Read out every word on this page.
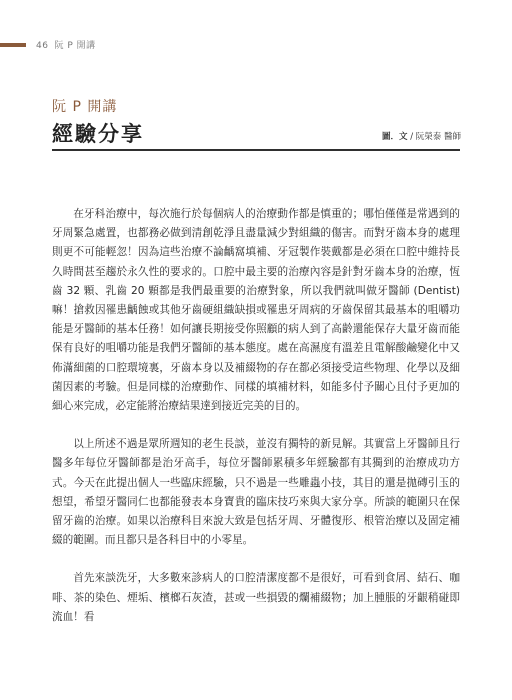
46 阮 P 開講
阮 P 開講
經驗分享	圖．文 / 阮榮泰 醫師

在牙科治療中，每次施行於每個病人的治療動作都是慎重的；哪怕僅僅是常遇到的牙周緊急處置，也都務必做到清創乾淨且盡量減少對組織的傷害。而對牙齒本身的處理則更不可能輕忽！因為這些治療不論齲窩填補、牙冠製作裝戴都是必須在口腔中維持長久時間甚至趨於永久性的要求的。口腔中最主要的治療內容是針對牙齒本身的治療，恆齒 32 顆、乳齒 20 顆都是我們最重要的治療對象，所以我們就叫做牙醫師 (Dentist) 嘛！搶救因罹患齲蝕或其他牙齒硬組織缺損或罹患牙周病的牙齒保留其最基本的咀嚼功能是牙醫師的基本任務！如何讓長期接受你照顧的病人到了高齡還能保存大量牙齒而能保有良好的咀嚼功能是我們牙醫師的基本態度。處在高濕度有溫差且電解酸鹼變化中又佈滿細菌的口腔環境裏，牙齒本身以及補綴物的存在都必須接受這些物理、化學以及細菌因素的考驗。但是同樣的治療動作、同樣的填補材料，如能多付予關心且付予更加的細心來完成，必定能將治療結果達到接近完美的目的。

以上所述不過是眾所週知的老生長談，並沒有獨特的新見解。其實當上牙醫師且行醫多年每位牙醫師都是治牙高手，每位牙醫師累積多年經驗都有其獨到的治療成功方式。今天在此提出個人一些臨床經驗，只不過是一些雕蟲小技，其目的還是拋磚引玉的想望，希望牙醫同仁也都能發表本身寶貴的臨床技巧來與大家分享。所談的範圍只在保留牙齒的治療。如果以治療科目來說大致是包括牙周、牙體復形、根管治療以及固定補綴的範圍。而且都只是各科目中的小零星。

首先來談洗牙，大多數來診病人的口腔清潔度都不是很好，可看到食屑、結石、咖啡、茶的染色、煙垢、檳榔石灰渣，甚或一些損毀的爛補綴物；加上腫脹的牙齦稍碰即流血！看
